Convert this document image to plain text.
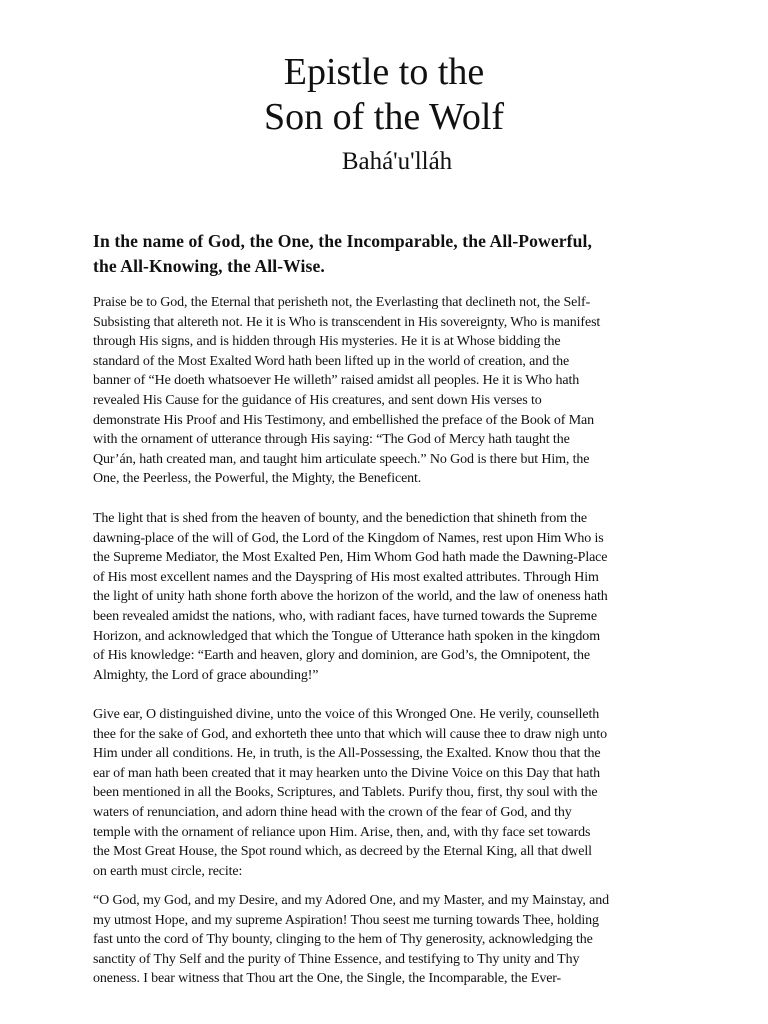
Epistle to the
Son of the Wolf
Bahá'u'lláh
In the name of God, the One, the Incomparable, the All-Powerful,
the All-Knowing, the All-Wise.

Praise be to God, the Eternal that perisheth not, the Everlasting that declineth not, the Self-
Subsisting that altereth not. He it is Who is transcendent in His sovereignty, Who is manifest
through His signs, and is hidden through His mysteries. He it is at Whose bidding the
standard of the Most Exalted Word hath been lifted up in the world of creation, and the
banner of “He doeth whatsoever He willeth” raised amidst all peoples. He it is Who hath
revealed His Cause for the guidance of His creatures, and sent down His verses to
demonstrate His Proof and His Testimony, and embellished the preface of the Book of Man
with the ornament of utterance through His saying: “The God of Mercy hath taught the
Qur’án, hath created man, and taught him articulate speech.” No God is there but Him, the
One, the Peerless, the Powerful, the Mighty, the Beneficent.

The light that is shed from the heaven of bounty, and the benediction that shineth from the
dawning-place of the will of God, the Lord of the Kingdom of Names, rest upon Him Who is
the Supreme Mediator, the Most Exalted Pen, Him Whom God hath made the Dawning-Place
of His most excellent names and the Dayspring of His most exalted attributes. Through Him
the light of unity hath shone forth above the horizon of the world, and the law of oneness hath
been revealed amidst the nations, who, with radiant faces, have turned towards the Supreme
Horizon, and acknowledged that which the Tongue of Utterance hath spoken in the kingdom
of His knowledge: “Earth and heaven, glory and dominion, are God’s, the Omnipotent, the
Almighty, the Lord of grace abounding!”

Give ear, O distinguished divine, unto the voice of this Wronged One. He verily, counselleth
thee for the sake of God, and exhorteth thee unto that which will cause thee to draw nigh unto
Him under all conditions. He, in truth, is the All-Possessing, the Exalted. Know thou that the
ear of man hath been created that it may hearken unto the Divine Voice on this Day that hath
been mentioned in all the Books, Scriptures, and Tablets. Purify thou, first, thy soul with the
waters of renunciation, and adorn thine head with the crown of the fear of God, and thy
temple with the ornament of reliance upon Him. Arise, then, and, with thy face set towards
the Most Great House, the Spot round which, as decreed by the Eternal King, all that dwell
on earth must circle, recite:

“O God, my God, and my Desire, and my Adored One, and my Master, and my Mainstay, and
my utmost Hope, and my supreme Aspiration! Thou seest me turning towards Thee, holding
fast unto the cord of Thy bounty, clinging to the hem of Thy generosity, acknowledging the
sanctity of Thy Self and the purity of Thine Essence, and testifying to Thy unity and Thy
oneness. I bear witness that Thou art the One, the Single, the Incomparable, the Ever-
